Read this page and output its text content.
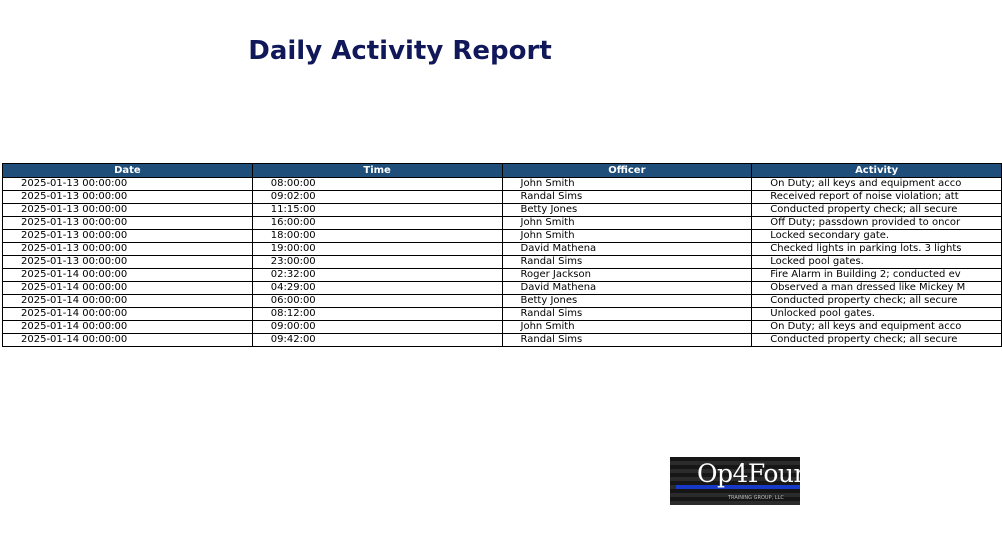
Daily Activity Report
Date	Time	Officer	Activity
2025-01-13 00:00:00	08:00:00	John Smith	On Duty; all keys and equipment acco
2025-01-13 00:00:00	09:02:00	Randal Sims	Received report of noise violation; att
2025-01-13 00:00:00	11:15:00	Betty Jones	Conducted property check; all secure
2025-01-13 00:00:00	16:00:00	John Smith	Off Duty; passdown provided to oncor
2025-01-13 00:00:00	18:00:00	John Smith	Locked secondary gate.
2025-01-13 00:00:00	19:00:00	David Mathena	Checked lights in parking lots. 3 lights
2025-01-13 00:00:00	23:00:00	Randal Sims	Locked pool gates.
2025-01-14 00:00:00	02:32:00	Roger Jackson	Fire Alarm in Building 2; conducted ev
2025-01-14 00:00:00	04:29:00	David Mathena	Observed a man dressed like Mickey M
2025-01-14 00:00:00	06:00:00	Betty Jones	Conducted property check; all secure
2025-01-14 00:00:00	08:12:00	Randal Sims	Unlocked pool gates.
2025-01-14 00:00:00	09:00:00	John Smith	On Duty; all keys and equipment acco
2025-01-14 00:00:00	09:42:00	Randal Sims	Conducted property check; all secure
Op4Four
TRAINING GROUP, LLC
